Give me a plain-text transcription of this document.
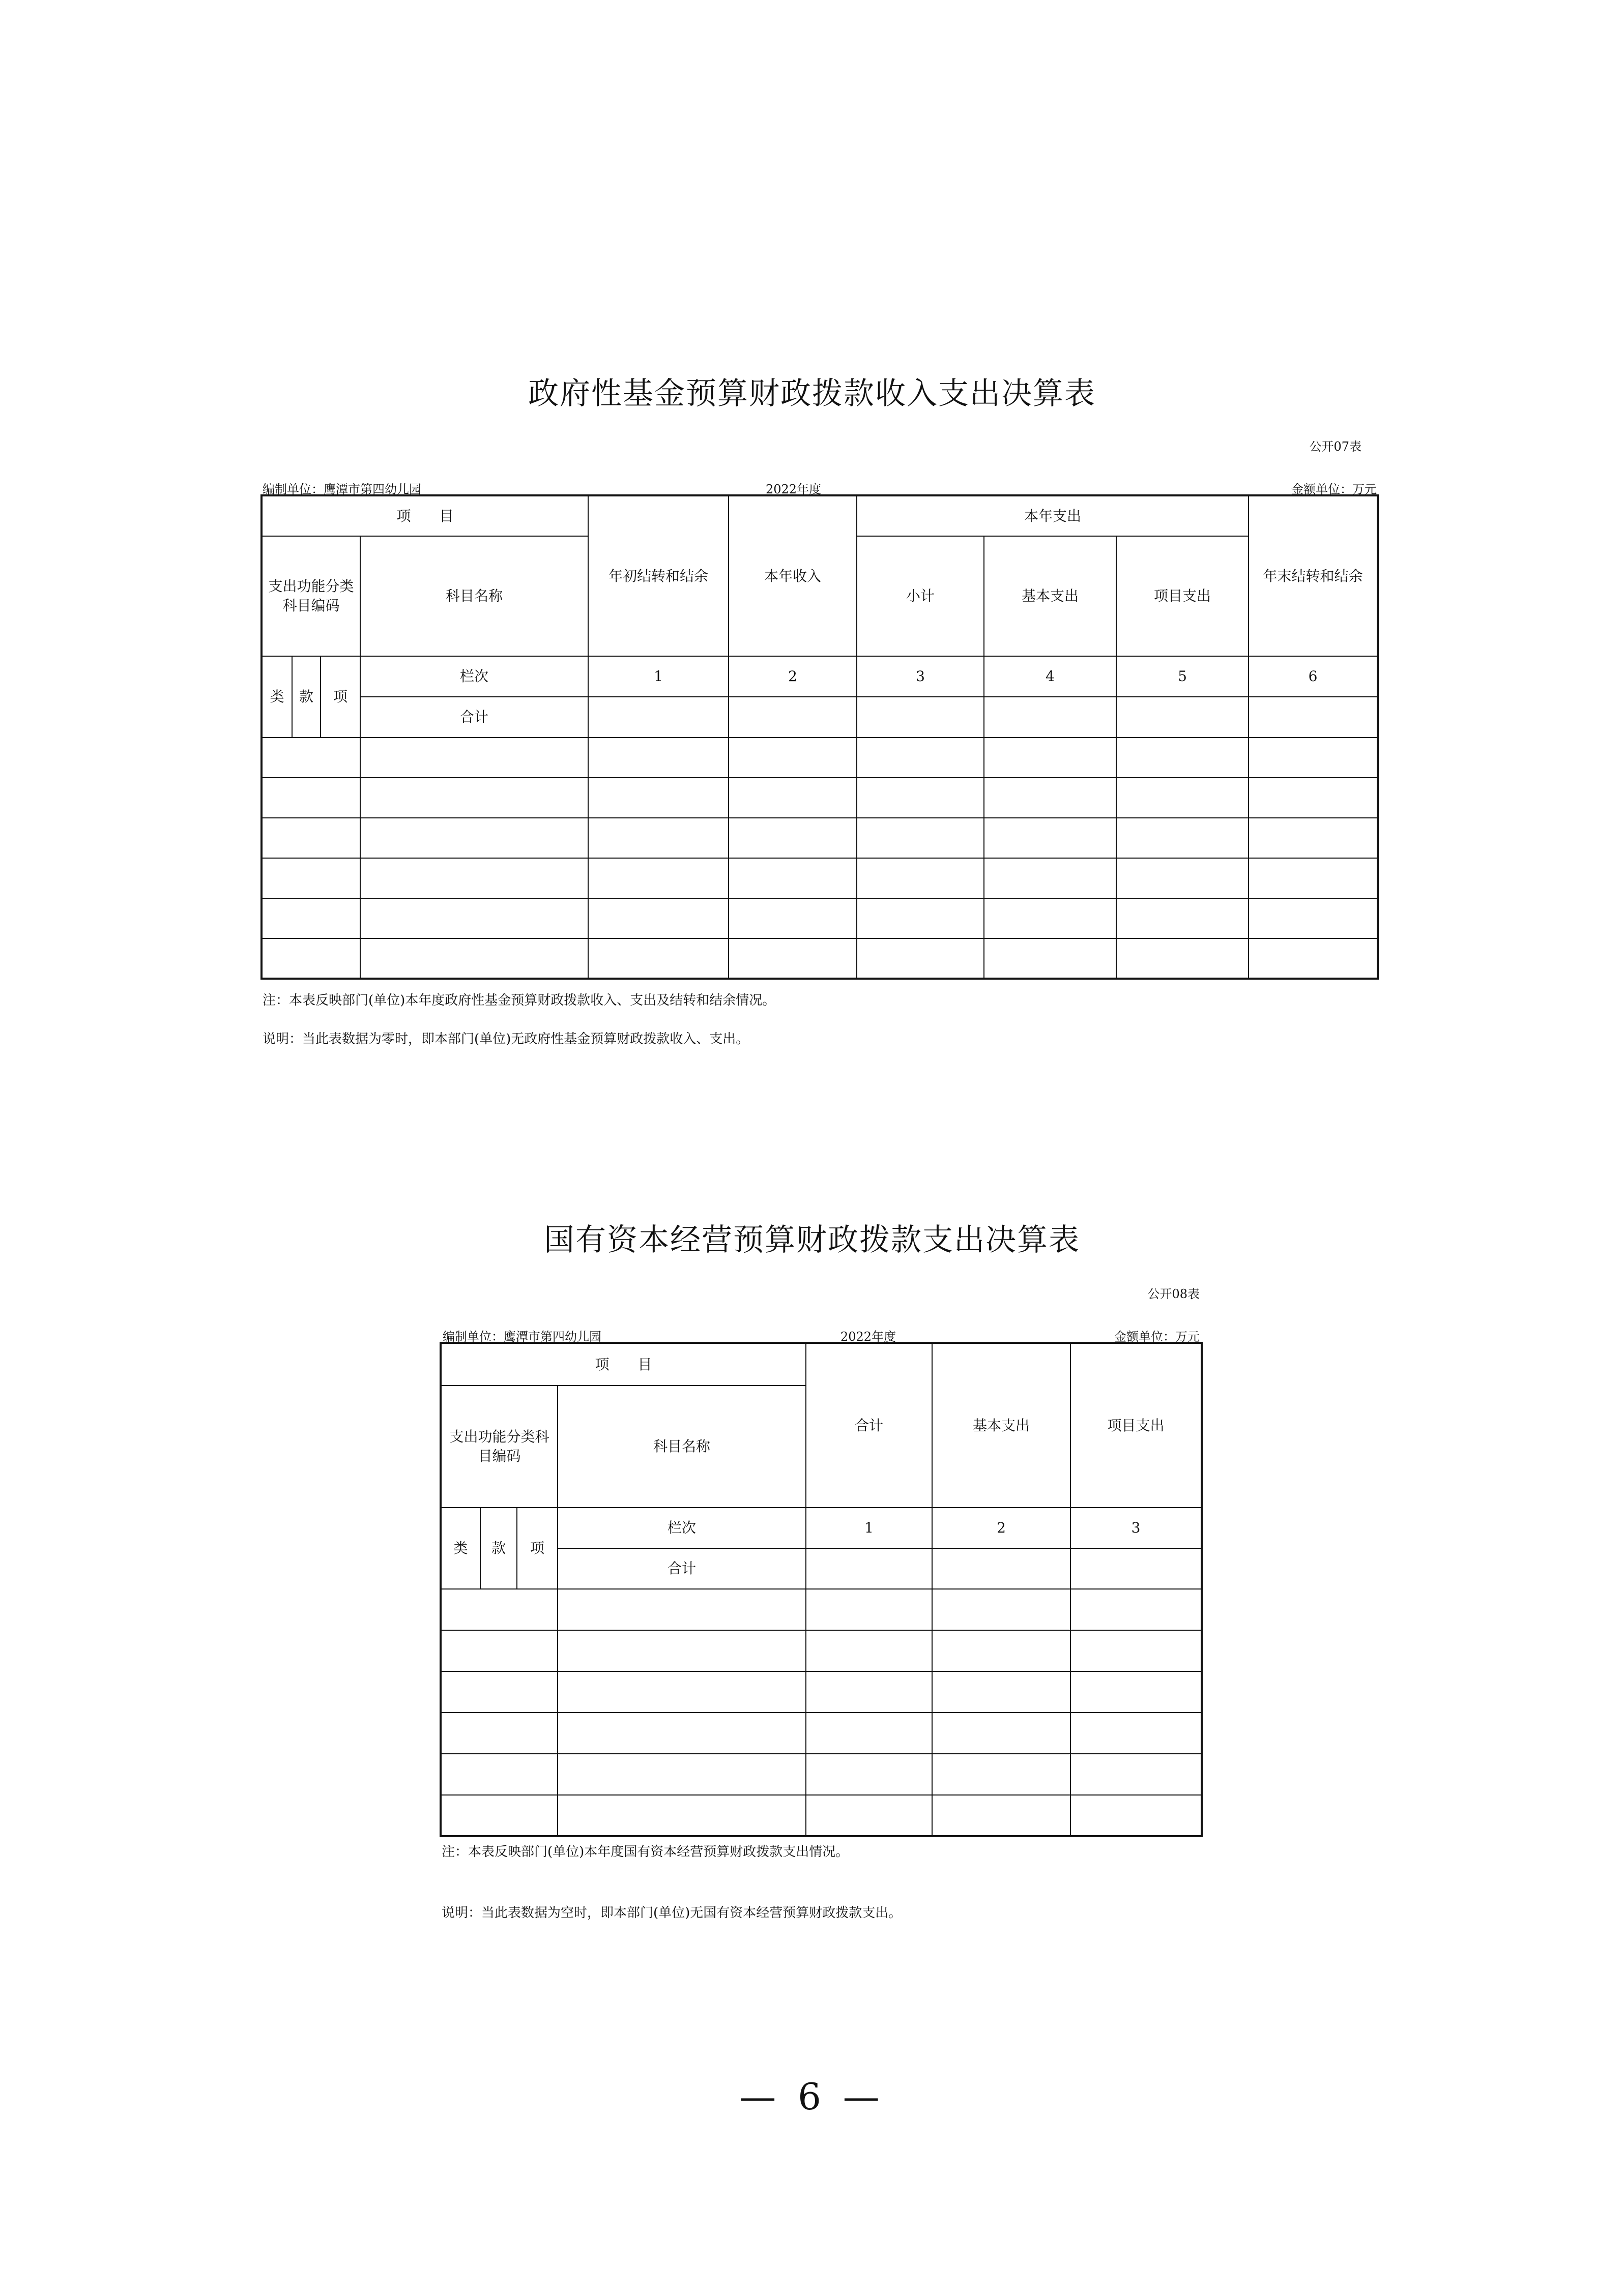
政府性基金预算财政拨款收入支出决算表
公开07表
编制单位：鹰潭市第四幼儿园	2022年度	金额单位：万元
项　　目				年初结转和结余	本年收入	本年支出			年末结转和结余
支出功能分类科目编码			科目名称			小计	基本支出	项目支出	
类	款	项	栏次	1	2	3	4	5	6
			合计						

注：本表反映部门(单位)本年度政府性基金预算财政拨款收入、支出及结转和结余情况。
说明：当此表数据为零时，即本部门(单位)无政府性基金预算财政拨款收入、支出。
国有资本经营预算财政拨款支出决算表
公开08表
编制单位：鹰潭市第四幼儿园	2022年度	金额单位：万元
项　　目				合计	基本支出	项目支出
支出功能分类科目编码			科目名称			
类	款	项	栏次	1	2	3
			合计			

注：本表反映部门(单位)本年度国有资本经营预算财政拨款支出情况。
说明：当此表数据为空时，即本部门(单位)无国有资本经营预算财政拨款支出。
— 6 —
